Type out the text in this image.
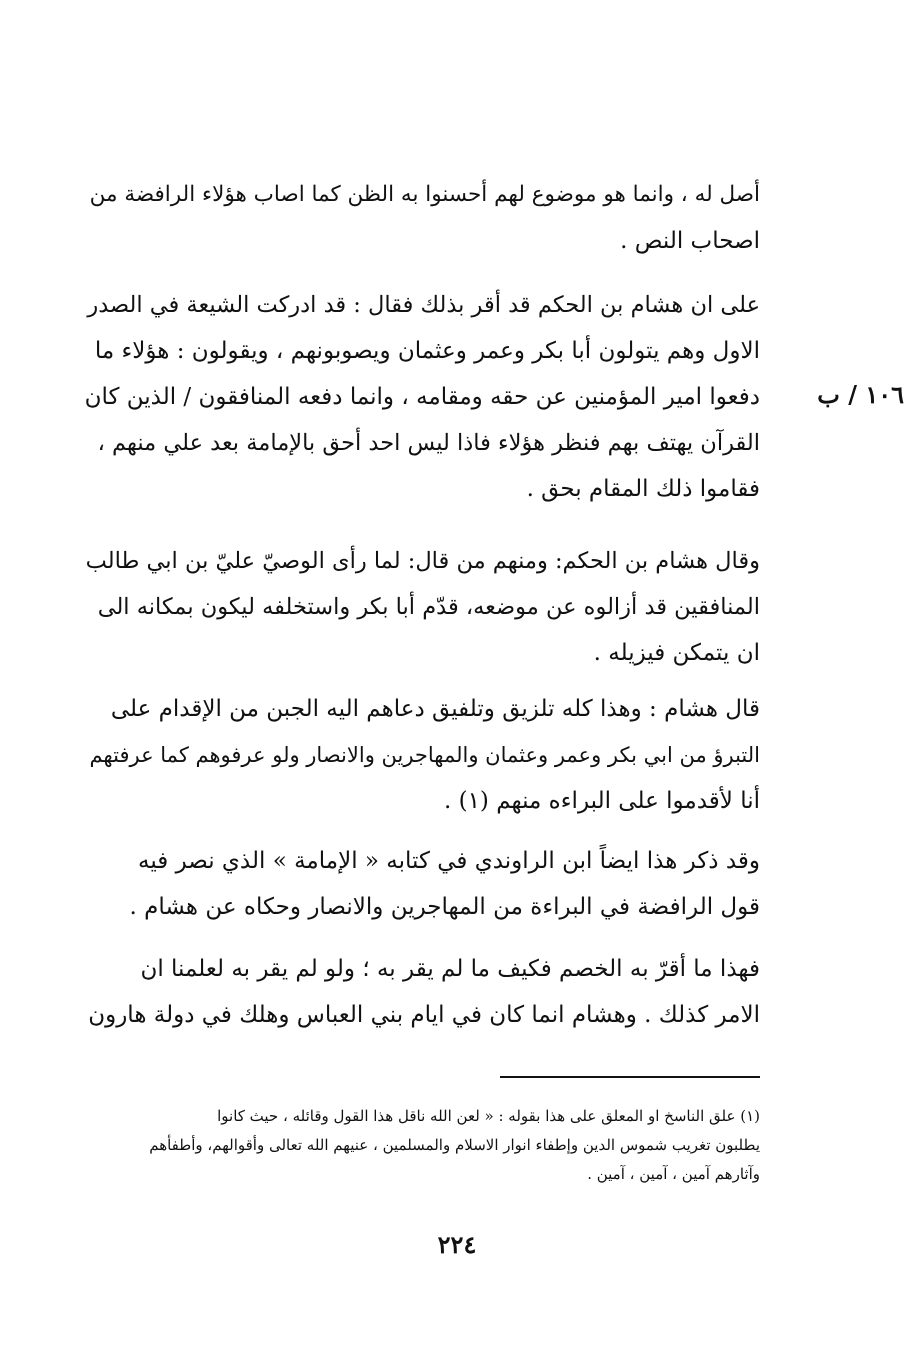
أصل له ، وانما هو موضوع لهم أحسنوا به الظن كما اصاب هؤلاء الرافضة من
اصحاب النص .
١٠٦ / ب
على ان هشام بن الحكم قد أقر بذلك فقال : قد ادركت الشيعة في الصدر
الاول وهم يتولون أبا بكر وعمر وعثمان ويصوبونهم ، ويقولون : هؤلاء ما
دفعوا امير المؤمنين عن حقه ومقامه ، وانما دفعه المنافقون / الذين كان
القرآن يهتف بهم فنظر هؤلاء فاذا ليس احد أحق بالإمامة بعد علي منهم ،
فقاموا ذلك المقام بحق .
وقال هشام بن الحكم: ومنهم من قال: لما رأى الوصيّ عليّ بن ابي طالب
المنافقين قد أزالوه عن موضعه، قدّم أبا بكر واستخلفه ليكون بمكانه الى
ان يتمكن فيزيله .
قال هشام : وهذا كله تلزيق وتلفيق دعاهم اليه الجبن من الإقدام على
التبرؤ من ابي بكر وعمر وعثمان والمهاجرين والانصار ولو عرفوهم كما عرفتهم
أنا لأقدموا على البراءه منهم (١) .
وقد ذكر هذا ايضاً ابن الراوندي في كتابه « الإمامة » الذي نصر فيه
قول الرافضة في البراءة من المهاجرين والانصار وحكاه عن هشام .
فهذا ما أقرّ به الخصم فكيف ما لم يقر به ؛ ولو لم يقر به لعلمنا ان
الامر كذلك . وهشام انما كان في ايام بني العباس وهلك في دولة هارون
(١) علق الناسخ او المعلق على هذا بقوله : « لعن الله ناقل هذا القول وقائله ، حيث كانوا
يطلبون تغريب شموس الدين وإطفاء انوار الاسلام والمسلمين ، عنيهم الله تعالى وأقوالهم، وأطفأهم
وآثارهم آمين ، آمين ، آمين .
٢٢٤
